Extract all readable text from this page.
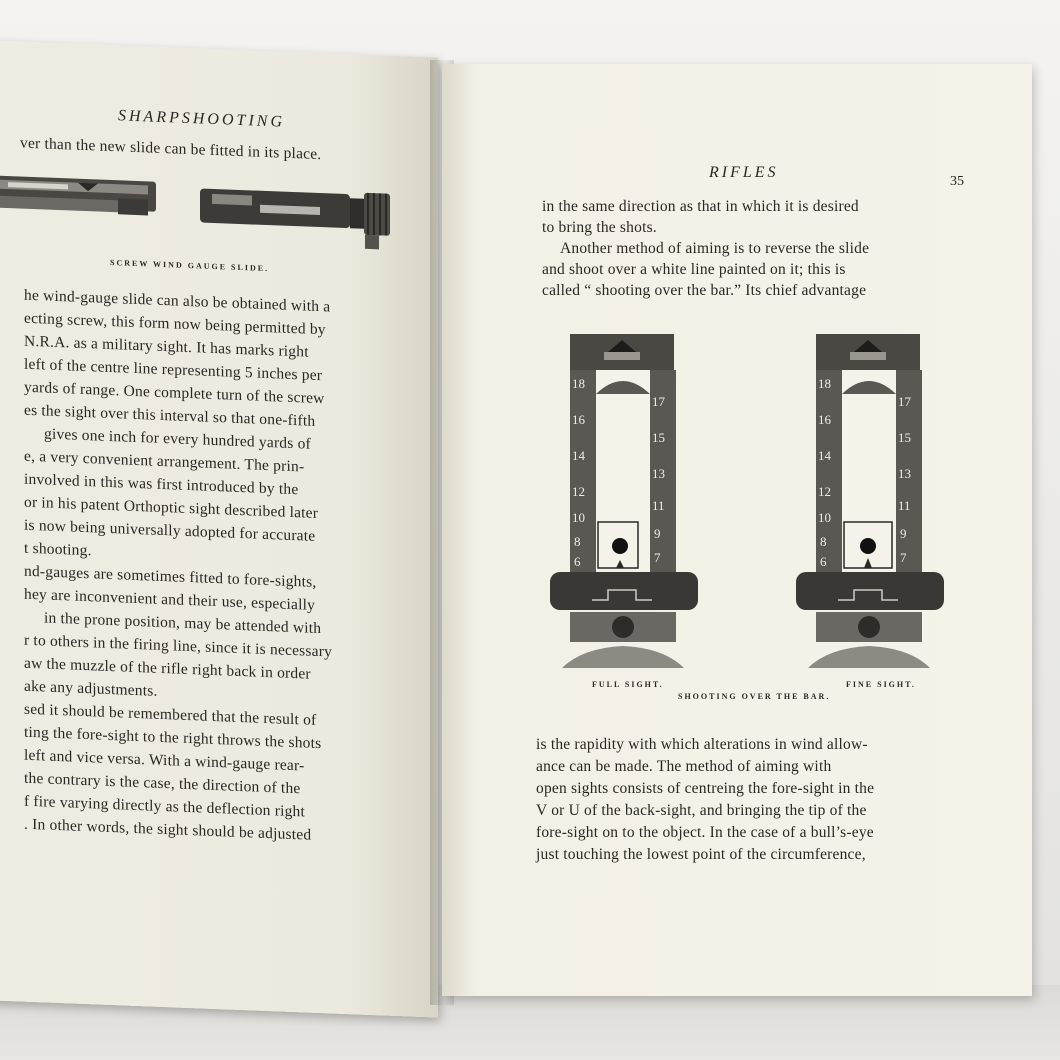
SHARPSHOOTING
ver than the new slide can be fitted in its place.
SCREW WIND GAUGE SLIDE.
he wind-gauge slide can also be obtained with a
ecting screw, this form now being permitted by
N.R.A. as a military sight. It has marks right
left of the centre line representing 5 inches per
yards of range. One complete turn of the screw
es the sight over this interval so that one-fifth
gives one inch for every hundred yards of
e, a very convenient arrangement. The prin-
involved in this was first introduced by the
or in his patent Orthoptic sight described later
is now being universally adopted for accurate
t shooting.
nd-gauges are sometimes fitted to fore-sights,
hey are inconvenient and their use, especially
in the prone position, may be attended with
r to others in the firing line, since it is necessary
aw the muzzle of the rifle right back in order
ake any adjustments.
sed it should be remembered that the result of
ting the fore-sight to the right throws the shots
left and vice versa. With a wind-gauge rear-
the contrary is the case, the direction of the
f fire varying directly as the deflection right
. In other words, the sight should be adjusted
RIFLES
35
in the same direction as that in which it is desired
to bring the shots.
Another method of aiming is to reverse the slide
and shoot over a white line painted on it; this is
called “ shooting over the bar.” Its chief advantage
18
16
14
12
10
8
6
17
15
13
11
9
7
18
16
14
12
10
8
6
17
15
13
11
9
7
FULL SIGHT.
SHOOTING OVER THE BAR.
FINE SIGHT.
is the rapidity with which alterations in wind allow-
ance can be made. The method of aiming with
open sights consists of centreing the fore-sight in the
V or U of the back-sight, and bringing the tip of the
fore-sight on to the object. In the case of a bull’s-eye
just touching the lowest point of the circumference,
